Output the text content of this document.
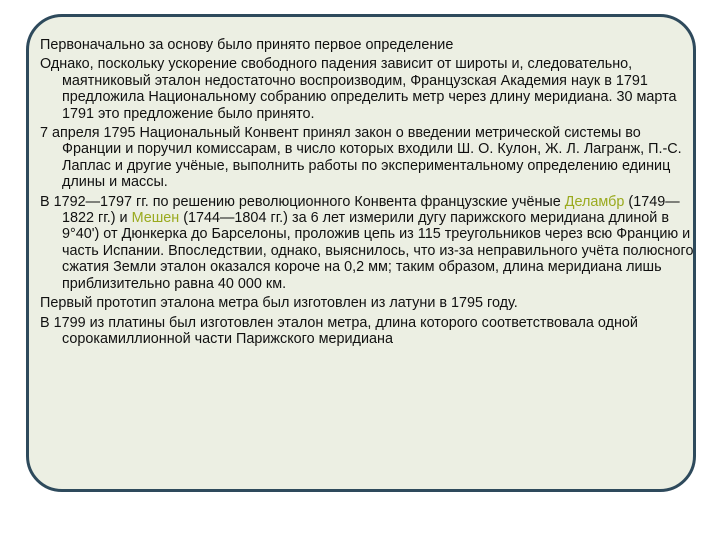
Первоначально за основу было принято первое определение

Однако, поскольку ускорение свободного падения зависит от широты и, следовательно, маятниковый эталон недостаточно воспроизводим, Французская Академия наук в 1791 предложила Национальному собранию определить метр через длину меридиана. 30 марта 1791 это предложение было принято.

7 апреля 1795 Национальный Конвент принял закон о введении метрической системы во Франции и поручил комиссарам, в число которых входили Ш. О. Кулон, Ж. Л. Лагранж, П.-С. Лаплас и другие учёные, выполнить работы по экспериментальному определению единиц длины и массы.

В 1792—1797 гг. по решению революционного Конвента французские учёные Деламбр (1749—1822 гг.) и Мешен (1744—1804 гг.) за 6 лет измерили дугу парижского меридиана длиной в 9°40') от Дюнкерка до Барселоны, проложив цепь из 115 треугольников через всю Францию и часть Испании. Впоследствии, однако, выяснилось, что из-за неправильного учёта полюсного сжатия Земли эталон оказался короче на 0,2 мм; таким образом, длина меридиана лишь приблизительно равна 40 000 км.

Первый прототип эталона метра был изготовлен из латуни в 1795 году.

В 1799 из платины был изготовлен эталон метра, длина которого соответствовала одной сорокамиллионной части Парижского меридиана
